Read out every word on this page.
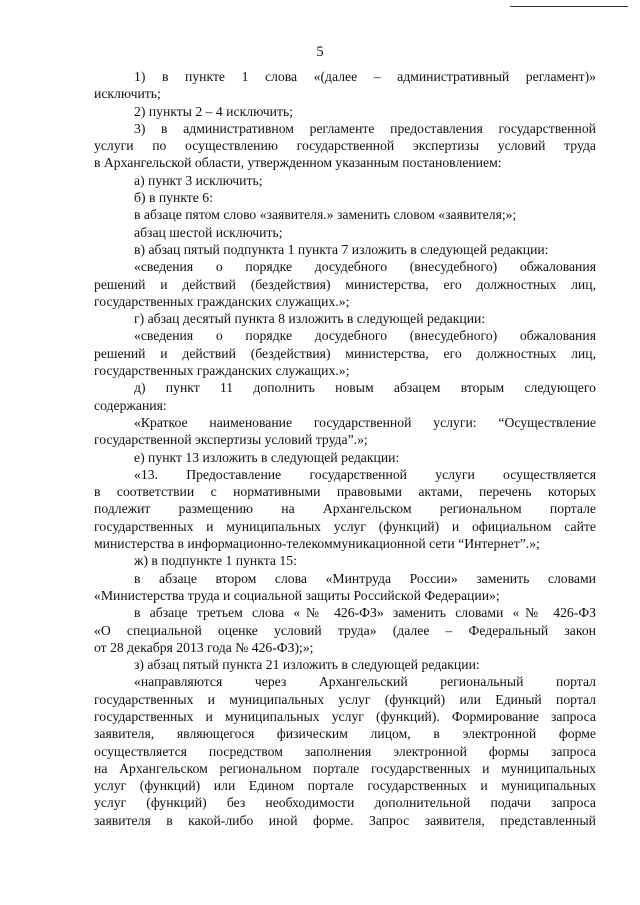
5
1) в пункте 1 слова «(далее – административный регламент)»
исключить;
2) пункты 2 – 4 исключить;
3) в административном регламенте предоставления государственной
услуги по осуществлению государственной экспертизы условий труда
в Архангельской области, утвержденном указанным постановлением:
а) пункт 3 исключить;
б) в пункте 6:
в абзаце пятом слово «заявителя.» заменить словом «заявителя;»;
абзац шестой исключить;
в) абзац пятый подпункта 1 пункта 7 изложить в следующей редакции:
«сведения о порядке досудебного (внесудебного) обжалования
решений и действий (бездействия) министерства, его должностных лиц,
государственных гражданских служащих.»;
г) абзац десятый пункта 8 изложить в следующей редакции:
«сведения о порядке досудебного (внесудебного) обжалования
решений и действий (бездействия) министерства, его должностных лиц,
государственных гражданских служащих.»;
д) пункт 11 дополнить новым абзацем вторым следующего
содержания:
«Краткое наименование государственной услуги: “Осуществление
государственной экспертизы условий труда”.»;
е) пункт 13 изложить в следующей редакции:
«13. Предоставление государственной услуги осуществляется
в соответствии с нормативными правовыми актами, перечень которых
подлежит размещению на Архангельском региональном портале
государственных и муниципальных услуг (функций) и официальном сайте
министерства в информационно-телекоммуникационной сети “Интернет”.»;
ж) в подпункте 1 пункта 15:
в абзаце втором слова «Минтруда России» заменить словами
«Министерства труда и социальной защиты Российской Федерации»;
в абзаце третьем слова «№ 426-ФЗ» заменить словами «№ 426-ФЗ
«О специальной оценке условий труда» (далее – Федеральный закон
от 28 декабря 2013 года № 426-ФЗ);»;
з) абзац пятый пункта 21 изложить в следующей редакции:
«направляются через Архангельский региональный портал
государственных и муниципальных услуг (функций) или Единый портал
государственных и муниципальных услуг (функций). Формирование запроса
заявителя, являющегося физическим лицом, в электронной форме
осуществляется посредством заполнения электронной формы запроса
на Архангельском региональном портале государственных и муниципальных
услуг (функций) или Едином портале государственных и муниципальных
услуг (функций) без необходимости дополнительной подачи запроса
заявителя в какой-либо иной форме. Запрос заявителя, представленный
